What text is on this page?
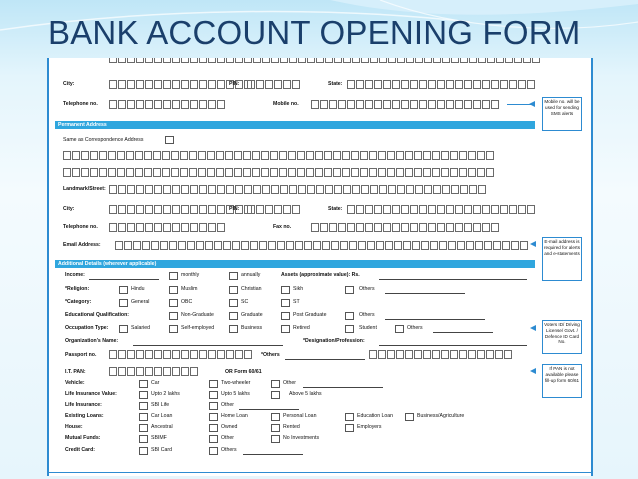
BANK ACCOUNT OPENING FORM
City:	PIN:	State:
Telephone no.	Mobile no.	Mobile no. will be used for sending SMS alerts
Permanent Address
Same as Correspondence Address
Landmark/Street:
City:	PIN:	State:
Telephone no.	Fax no.
Email Address:
E-mail address is required for alerts and e-statements
Additional Details (wherever applicable)
Income:	monthly	annually	Assets (approximate value): Rs.
*Religion:	Hindu	Muslim	Christian	Sikh	Others
*Category:	General	OBC	SC	ST
Educational Qualification:	Non-Graduate	Graduate	Post Graduate	Others
Occupation Type:	Salaried	Self-employed	Business	Retired	Student	Others
Voters ID/ Driving License/ Govt. / Defence ID Card No.
Organization's Name:	*Designation/Profession:
Passport no.	*Others
I.T. PAN:	OR Form 60/61
If PAN is not available please fill-up form 60/61
Vehicle:	Car	Two-wheeler	Other
Life Insurance Value:	Upto 2 lakhs	Upto 5 lakhs	Above 5 lakhs
Life Insurance:	SBI Life	Other
Existing Loans:	Car Loan	Home Loan	Personal Loan	Education Loan	Business/Agriculture
House:	Ancestral	Owned	Rented	Employers
Mutual Funds:	SBIMF	Other	No Investments
Credit Card:	SBI Card	Others
